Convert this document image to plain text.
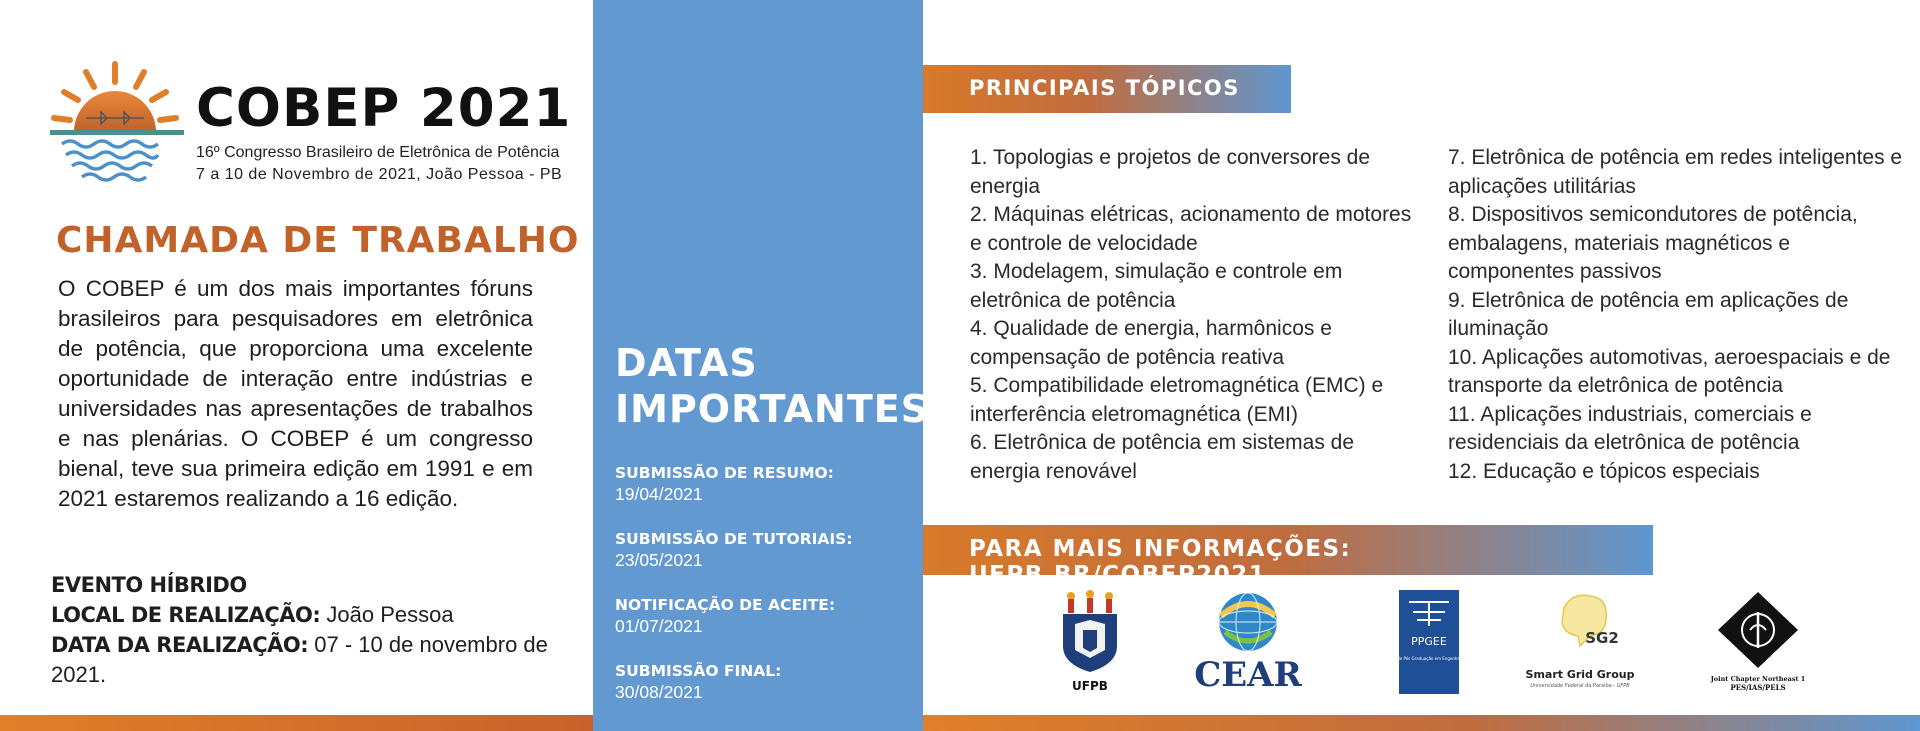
COBEP 2021
16º Congresso Brasileiro de Eletrônica de Potência
7 a 10 de Novembro de 2021, João Pessoa - PB
CHAMADA DE TRABALHO
O COBEP é um dos mais importantes fóruns brasileiros para pesquisadores em eletrônica de potência, que proporciona uma excelente oportunidade de interação entre indústrias e universidades nas apresentações de trabalhos e nas plenárias. O COBEP é um congresso bienal, teve sua primeira edição em 1991 e em 2021 estaremos realizando a 16 edição.
EVENTO HÍBRIDO
LOCAL DE REALIZAÇÃO: João Pessoa
DATA DA REALIZAÇÃO: 07 - 10 de novembro de 2021.
DATAS
IMPORTANTES
SUBMISSÃO DE RESUMO:
19/04/2021
SUBMISSÃO DE TUTORIAIS:
23/05/2021
NOTIFICAÇÃO DE ACEITE:
01/07/2021
SUBMISSÃO FINAL:
30/08/2021
PRINCIPAIS TÓPICOS
1. Topologias e projetos de conversores de energia
2. Máquinas elétricas, acionamento de motores e controle de velocidade
3. Modelagem, simulação e controle em eletrônica de potência
4. Qualidade de energia, harmônicos e compensação de potência reativa
5. Compatibilidade eletromagnética (EMC) e interferência eletromagnética (EMI)
6. Eletrônica de potência em sistemas de energia renovável
7. Eletrônica de potência em redes inteligentes e aplicações utilitárias
8. Dispositivos semicondutores de potência, embalagens, materiais magnéticos e componentes passivos
9. Eletrônica de potência em aplicações de iluminação
10. Aplicações automotivas, aeroespaciais e de transporte da eletrônica de potência
11. Aplicações industriais, comerciais e residenciais da eletrônica de potência
12. Educação e tópicos especiais
PARA MAIS INFORMAÇÕES: UFPB.BR/COBEP2021
UFPB	CEAR
PPGEE
Programa de Pós Graduação em Engenharia Elétrica
SG2
Smart Grid Group
Universidade Federal da Paraíba - UFPB
Joint Chapter Northeast 1
PES/IAS/PELS
